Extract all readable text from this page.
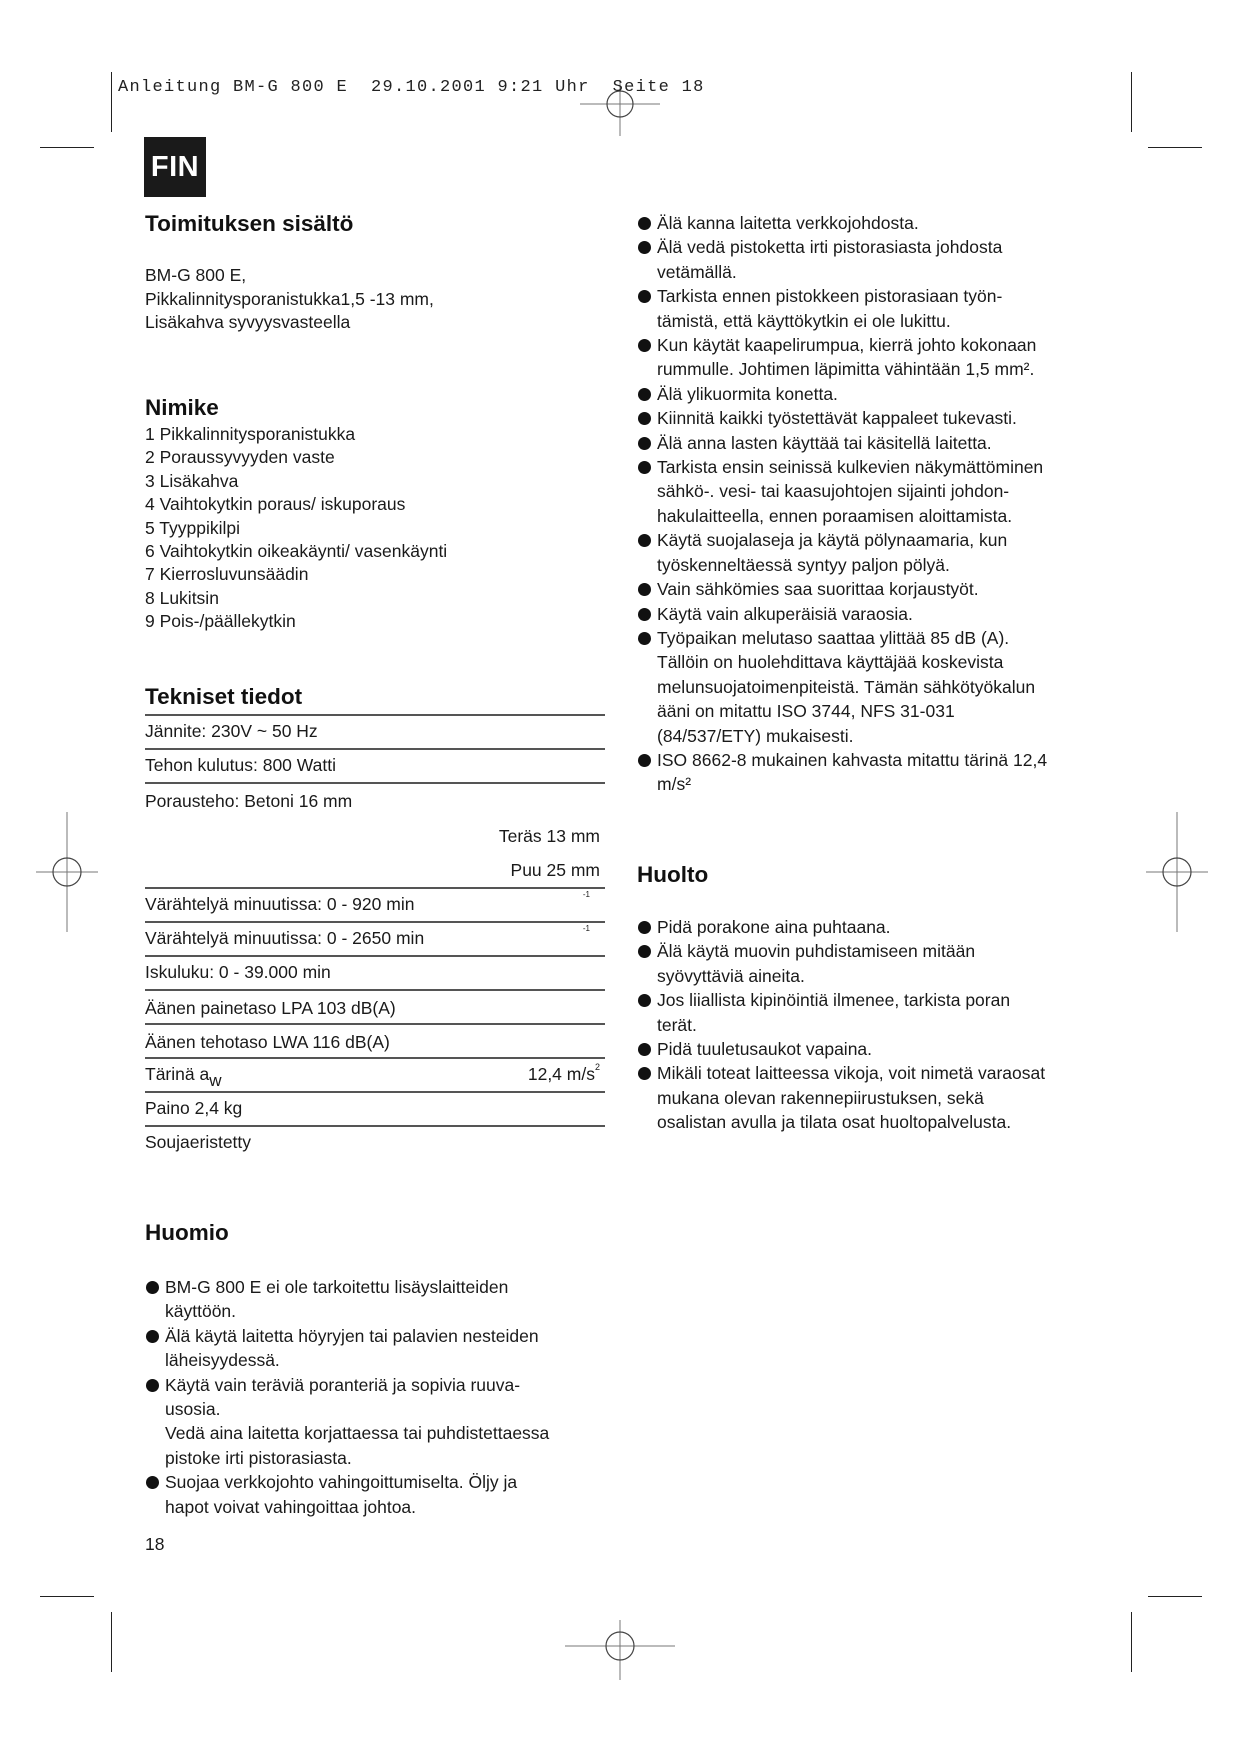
Anleitung BM-G 800 E  29.10.2001 9:21 Uhr  Seite 18
FIN
Toimituksen sisältö
BM-G 800 E,
Pikkalinnitysporanistukka1,5 -13 mm,
Lisäkahva syvyysvasteella
Nimike
1 Pikkalinnitysporanistukka
2 Poraussyvyyden vaste
3 Lisäkahva
4 Vaihtokytkin poraus/ iskuporaus
5 Tyyppikilpi
6 Vaihtokytkin oikeakäynti/ vasenkäynti
7 Kierrosluvunsäädin
8 Lukitsin
9 Pois-/päällekytkin
Tekniset tiedot
Jännite: 230V ~ 50 Hz
Tehon kulutus: 800 Watti
Porausteho: Betoni 16 mm
Teräs 13 mm
Puu 25 mm
Värähtelyä minuutissa: 0 - 920 min	-1
Värähtelyä minuutissa: 0 - 2650 min	-1
Iskuluku: 0 - 39.000 min
Äänen painetaso LPA 103 dB(A)
Äänen tehotaso LWA 116 dB(A)
Tärinä $a_w$	12,4 $m/s^2$
Paino 2,4 kg
Soujaeristetty
Huomio
BM-G 800 E ei ole tarkoitettu lisäyslaitteiden
käyttöön.
Älä käytä laitetta höyryjen tai palavien nesteiden
läheisyydessä.
Käytä vain teräviä poranteriä ja sopivia ruuva-
usosia.
Vedä aina laitetta korjattaessa tai puhdistettaessa
pistoke irti pistorasiasta.
Suojaa verkkojohto vahingoittumiselta. Öljy ja
hapot voivat vahingoittaa johtoa.
18
Älä kanna laitetta verkkojohdosta.
Älä vedä pistoketta irti pistorasiasta johdosta
vetämällä.
Tarkista ennen pistokkeen pistorasiaan työn-
tämistä, että käyttökytkin ei ole lukittu.
Kun käytät kaapelirumpua, kierrä johto kokonaan
rummulle. Johtimen läpimitta vähintään 1,5 mm².
Älä ylikuormita konetta.
Kiinnitä kaikki työstettävät kappaleet tukevasti.
Älä anna lasten käyttää tai käsitellä laitetta.
Tarkista ensin seinissä kulkevien näkymättöminen
sähkö-. vesi- tai kaasujohtojen sijainti johdon-
hakulaitteella, ennen poraamisen aloittamista.
Käytä suojalaseja ja käytä pölynaamaria, kun
työskenneltäessä syntyy paljon pölyä.
Vain sähkömies saa suorittaa korjaustyöt.
Käytä vain alkuperäisiä varaosia.
Työpaikan melutaso saattaa ylittää 85 dB (A).
Tällöin on huolehdittava käyttäjää koskevista
melunsuojatoimenpiteistä. Tämän sähkötyökalun
ääni on mitattu ISO 3744, NFS 31-031
(84/537/ETY) mukaisesti.
ISO 8662-8 mukainen kahvasta mitattu tärinä 12,4
m/s²
Huolto
Pidä porakone aina puhtaana.
Älä käytä muovin puhdistamiseen mitään
syövyttäviä aineita.
Jos liiallista kipinöintiä ilmenee, tarkista poran
terät.
Pidä tuuletusaukot vapaina.
Mikäli toteat laitteessa vikoja, voit nimetä varaosat
mukana olevan rakennepiirustuksen, sekä
osalistan avulla ja tilata osat huoltopalvelusta.
